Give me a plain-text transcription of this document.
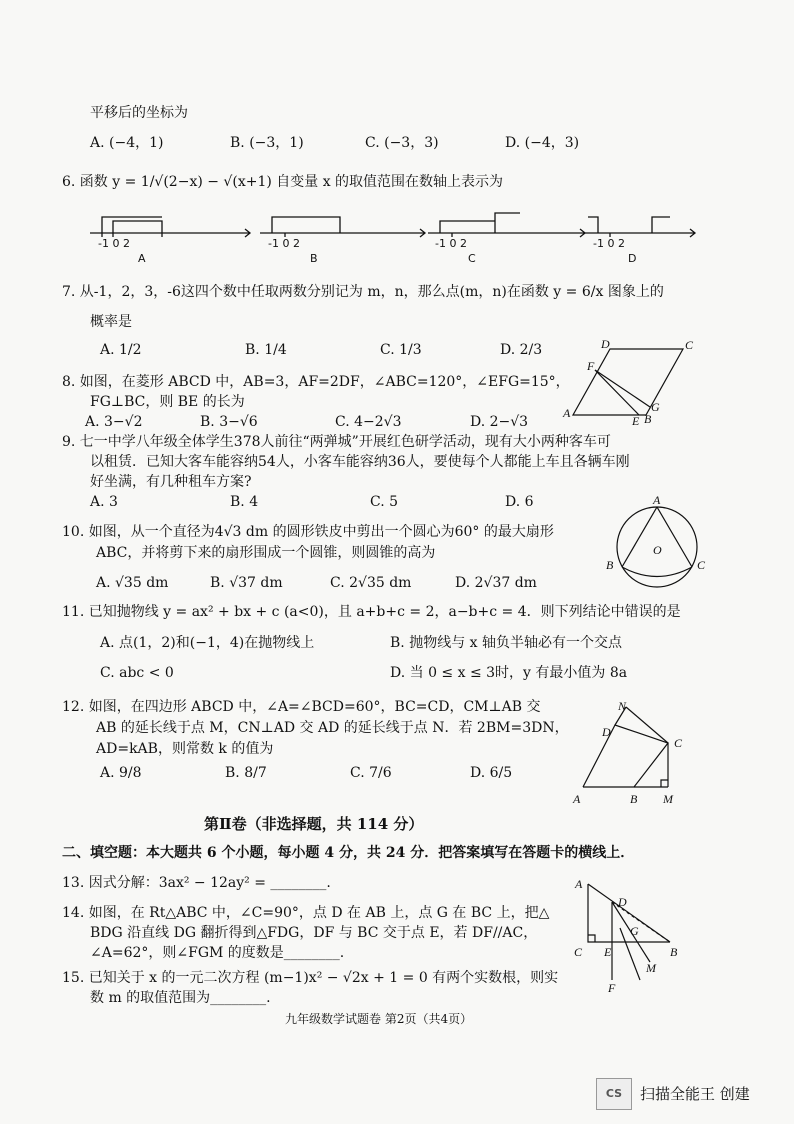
平移后的坐标为
A. (−4，1)	B. (−3，1)	C. (−3，3)	D. (−4，3)
6. 函数 y = 1/√(2−x) − √(x+1) 自变量 x 的取值范围在数轴上表示为
-1 0 2	-1 0 2	-1 0 2	-1 0 2
A	B	C	D
7. 从-1，2，3，-6这四个数中任取两数分别记为 m，n，那么点(m，n)在函数 y = 6/x 图象上的
概率是
A. 1/2	B. 1/4	C. 1/3	D. 2/3
8. 如图，在菱形 ABCD 中，AB=3，AF=2DF，∠ABC=120°，∠EFG=15°，
FG⊥BC，则 BE 的长为
A. 3−√2	B. 3−√6	C. 4−2√3	D. 2−√3
D	C
F
A
E
G
B
9. 七一中学八年级全体学生378人前往“两弹城”开展红色研学活动，现有大小两种客车可
以租赁．已知大客车能容纳54人，小客车能容纳36人，要使每个人都能上车且各辆车刚
好坐满，有几种租车方案?
A. 3	B. 4	C. 5	D. 6
10. 如图，从一个直径为4√3 dm 的圆形铁皮中剪出一个圆心为60° 的最大扇形
ABC，并将剪下来的扇形围成一个圆锥，则圆锥的高为
A. √35 dm	B. √37 dm	C. 2√35 dm	D. 2√37 dm
A
B	C
O
11. 已知抛物线 y = ax² + bx + c (a<0)，且 a+b+c = 2，a−b+c = 4．则下列结论中错误的是
A. 点(1，2)和(−1，4)在抛物线上	B. 抛物线与 x 轴负半轴必有一个交点
C. abc < 0	D. 当 0 ≤ x ≤ 3时，y 有最小值为 8a
12. 如图，在四边形 ABCD 中，∠A=∠BCD=60°，BC=CD，CM⊥AB 交
AB 的延长线于点 M，CN⊥AD 交 AD 的延长线于点 N．若 2BM=3DN，
AD=kAB，则常数 k 的值为
A. 9/8	B. 8/7	C. 7/6	D. 6/5
N
D
C
A	B M
第Ⅱ卷（非选择题，共 114 分）
二、填空题：本大题共 6 个小题，每小题 4 分，共 24 分．把答案填写在答题卡的横线上．
13. 因式分解：3ax² − 12ay² = ________.
14. 如图，在 Rt△ABC 中，∠C=90°，点 D 在 AB 上，点 G 在 BC 上，把△
BDG 沿直线 DG 翻折得到△FDG，DF 与 BC 交于点 E，若 DF//AC，
∠A=62°，则∠FGM 的度数是________.
A
D
C E
G
B
M
F
15. 已知关于 x 的一元二次方程 (m−1)x² − √2x + 1 = 0 有两个实数根，则实
数 m 的取值范围为________.
九年级数学试题卷 第2页（共4页）
CS	扫描全能王 创建
